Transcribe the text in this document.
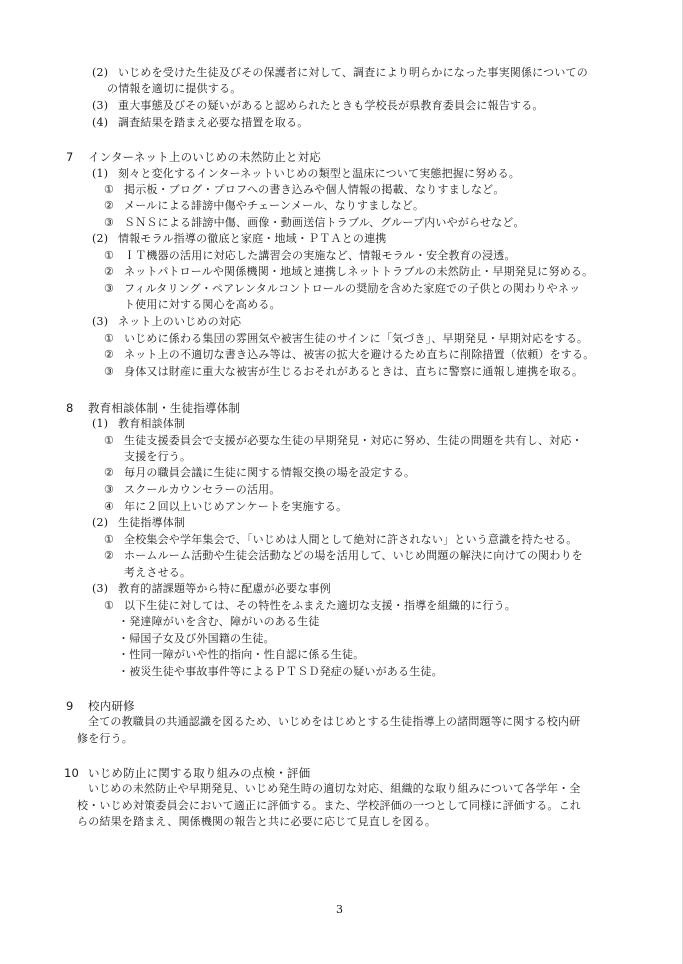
(2) いじめを受けた生徒及びその保護者に対して、調査により明らかになった事実関係についての
の情報を適切に提供する。
(3) 重大事態及びその疑いがあると認められたときも学校長が県教育委員会に報告する。
(4) 調査結果を踏まえ必要な措置を取る。
7 インターネット上のいじめの未然防止と対応
(1) 刻々と変化するインターネットいじめの類型と温床について実態把握に努める。
① 掲示板・ブログ・プロフへの書き込みや個人情報の掲載、なりすましなど。
② メールによる誹謗中傷やチェーンメール、なりすましなど。
③ ＳＮＳによる誹謗中傷、画像・動画送信トラブル、グループ内いやがらせなど。
(2) 情報モラル指導の徹底と家庭・地域・ＰＴＡとの連携
① ＩＴ機器の活用に対応した講習会の実施など、情報モラル・安全教育の浸透。
② ネットパトロールや関係機関・地域と連携しネットトラブルの未然防止・早期発見に努める。
③ フィルタリング・ペアレンタルコントロールの奨励を含めた家庭での子供との関わりやネッ
ト使用に対する関心を高める。
(3) ネット上のいじめの対応
① いじめに係わる集団の雰囲気や被害生徒のサインに「気づき」、早期発見・早期対応をする。
② ネット上の不適切な書き込み等は、被害の拡大を避けるため直ちに削除措置（依頼）をする。
③ 身体又は財産に重大な被害が生じるおそれがあるときは、直ちに警察に通報し連携を取る。
8 教育相談体制・生徒指導体制
(1) 教育相談体制
① 生徒支援委員会で支援が必要な生徒の早期発見・対応に努め、生徒の問題を共有し、対応・
支援を行う。
② 毎月の職員会議に生徒に関する情報交換の場を設定する。
③ スクールカウンセラーの活用。
④ 年に２回以上いじめアンケートを実施する。
(2) 生徒指導体制
① 全校集会や学年集会で、「いじめは人間として絶対に許されない」という意識を持たせる。
② ホームルーム活動や生徒会活動などの場を活用して、いじめ問題の解決に向けての関わりを
考えさせる。
(3) 教育的諸課題等から特に配慮が必要な事例
① 以下生徒に対しては、その特性をふまえた適切な支援・指導を組織的に行う。
・発達障がいを含む、障がいのある生徒
・帰国子女及び外国籍の生徒。
・性同一障がいや性的指向・性自認に係る生徒。
・被災生徒や事故事件等によるＰＴＳＤ発症の疑いがある生徒。
9 校内研修
全ての教職員の共通認識を図るため、いじめをはじめとする生徒指導上の諸問題等に関する校内研
修を行う。
10 いじめ防止に関する取り組みの点検・評価
いじめの未然防止や早期発見、いじめ発生時の適切な対応、組織的な取り組みについて各学年・全
校・いじめ対策委員会において適正に評価する。また、学校評価の一つとして同様に評価する。これ
らの結果を踏まえ、関係機関の報告と共に必要に応じて見直しを図る。
3
